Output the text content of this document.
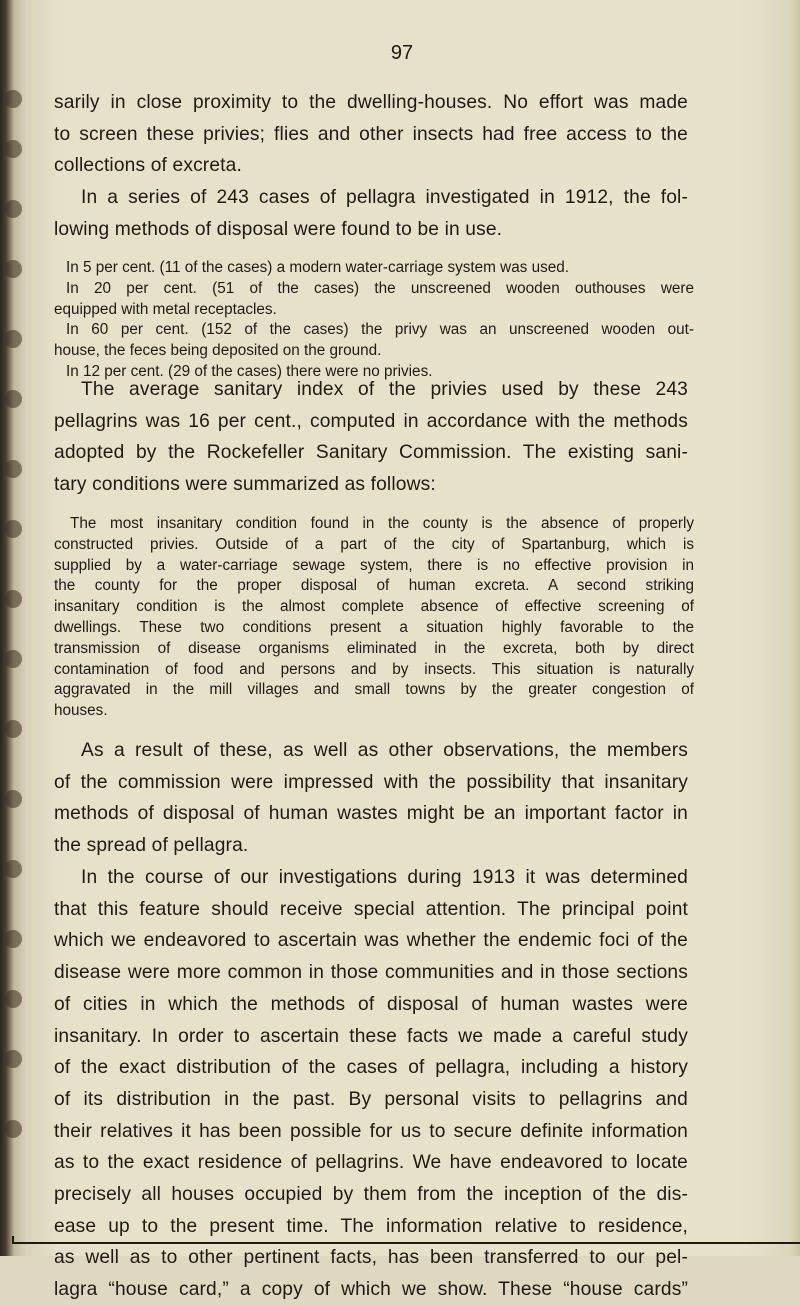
97

sarily in close proximity to the dwelling-houses. No effort was made

to screen these privies; flies and other insects had free access to the

collections of excreta.

In a series of 243 cases of pellagra investigated in 1912, the fol-

lowing methods of disposal were found to be in use.

In 5 per cent. (11 of the cases) a modern water-carriage system was used.

In 20 per cent. (51 of the cases) the unscreened wooden outhouses were

equipped with metal receptacles.

In 60 per cent. (152 of the cases) the privy was an unscreened wooden out-

house, the feces being deposited on the ground.

In 12 per cent. (29 of the cases) there were no privies.

The average sanitary index of the privies used by these 243

pellagrins was 16 per cent., computed in accordance with the methods

adopted by the Rockefeller Sanitary Commission. The existing sani-

tary conditions were summarized as follows:

The most insanitary condition found in the county is the absence of properly

constructed privies. Outside of a part of the city of Spartanburg, which is

supplied by a water-carriage sewage system, there is no effective provision in

the county for the proper disposal of human excreta. A second striking

insanitary condition is the almost complete absence of effective screening of

dwellings. These two conditions present a situation highly favorable to the

transmission of disease organisms eliminated in the excreta, both by direct

contamination of food and persons and by insects. This situation is naturally

aggravated in the mill villages and small towns by the greater congestion of

houses.

As a result of these, as well as other observations, the members

of the commission were impressed with the possibility that insanitary

methods of disposal of human wastes might be an important factor in

the spread of pellagra.

In the course of our investigations during 1913 it was determined

that this feature should receive special attention. The principal point

which we endeavored to ascertain was whether the endemic foci of the

disease were more common in those communities and in those sections

of cities in which the methods of disposal of human wastes were

insanitary. In order to ascertain these facts we made a careful study

of the exact distribution of the cases of pellagra, including a history

of its distribution in the past. By personal visits to pellagrins and

their relatives it has been possible for us to secure definite information

as to the exact residence of pellagrins. We have endeavored to locate

precisely all houses occupied by them from the inception of the dis-

ease up to the present time. The information relative to residence,

as well as to other pertinent facts, has been transferred to our pel-

lagra “house card,” a copy of which we show. These “house cards”
